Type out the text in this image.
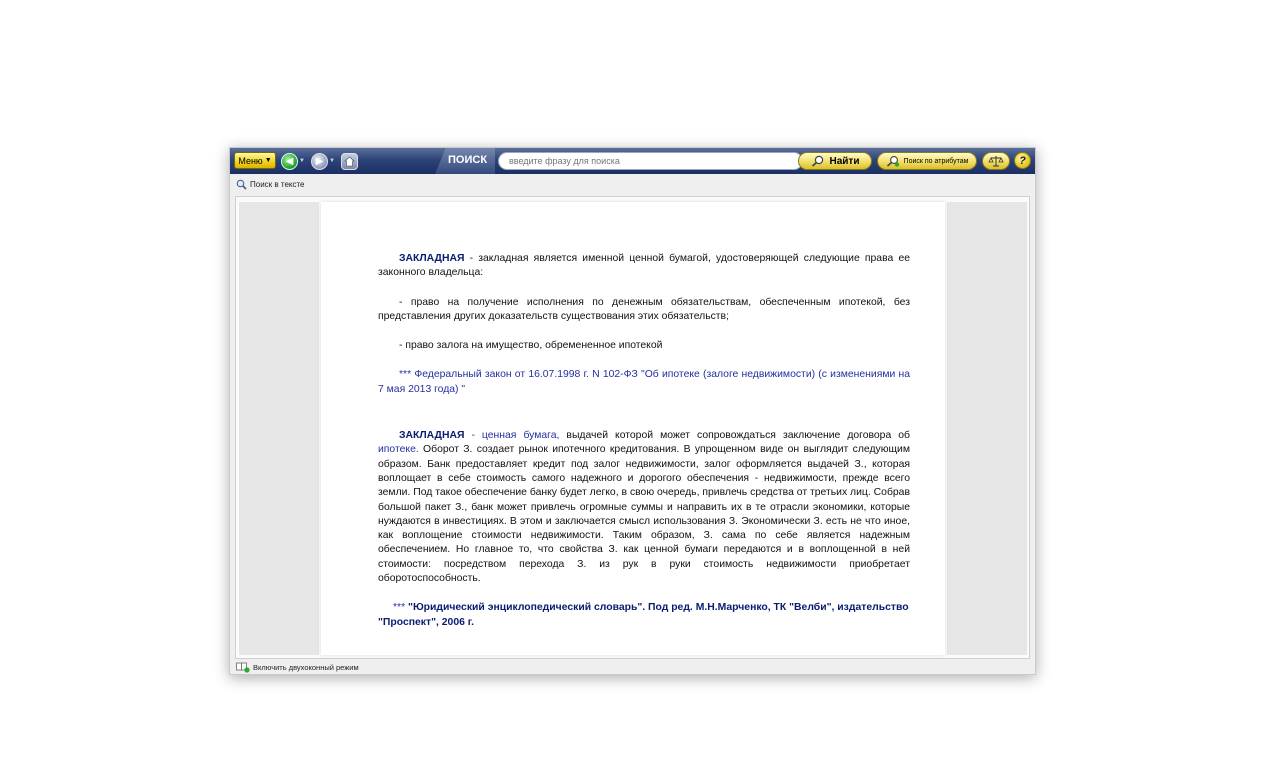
Меню ▼ ◀ ▼ ▶ ▼	ПОИСК
введите фразу для поиска	Найти	Поиск по атрибутам	?
Поиск в тексте

ЗАКЛАДНАЯ - закладная является именной ценной бумагой, удостоверяющей следующие права ее законного владельца:

- право на получение исполнения по денежным обязательствам, обеспеченным ипотекой, без представления других доказательств существования этих обязательств;

- право залога на имущество, обремененное ипотекой

*** Федеральный закон от 16.07.1998 г. N 102-ФЗ "Об ипотеке (залоге недвижимости) (с изменениями на 7 мая 2013 года) "

ЗАКЛАДНАЯ - ценная бумага, выдачей которой может сопровождаться заключение договора об ипотеке. Оборот З. создает рынок ипотечного кредитования. В упрощенном виде он выглядит следующим образом. Банк предоставляет кредит под залог недвижимости, залог оформляется выдачей З., которая воплощает в себе стоимость самого надежного и дорогого обеспечения - недвижимости, прежде всего земли. Под такое обеспечение банку будет легко, в свою очередь, привлечь средства от третьих лиц. Собрав большой пакет З., банк может привлечь огромные суммы и направить их в те отрасли экономики, которые нуждаются в инвестициях. В этом и заключается смысл использования З. Экономически З. есть не что иное, как воплощение стоимости недвижимости. Таким образом, З. сама по себе является надежным обеспечением. Но главное то, что свойства З. как ценной бумаги передаются и в воплощенной в ней стоимости: посредством перехода З. из рук в руки стоимость недвижимости приобретает оборотоспособность.

*** "Юридический энциклопедический словарь". Под ред. М.Н.Марченко, ТК "Велби", издательство "Проспект", 2006 г.

Включить двухоконный режим
